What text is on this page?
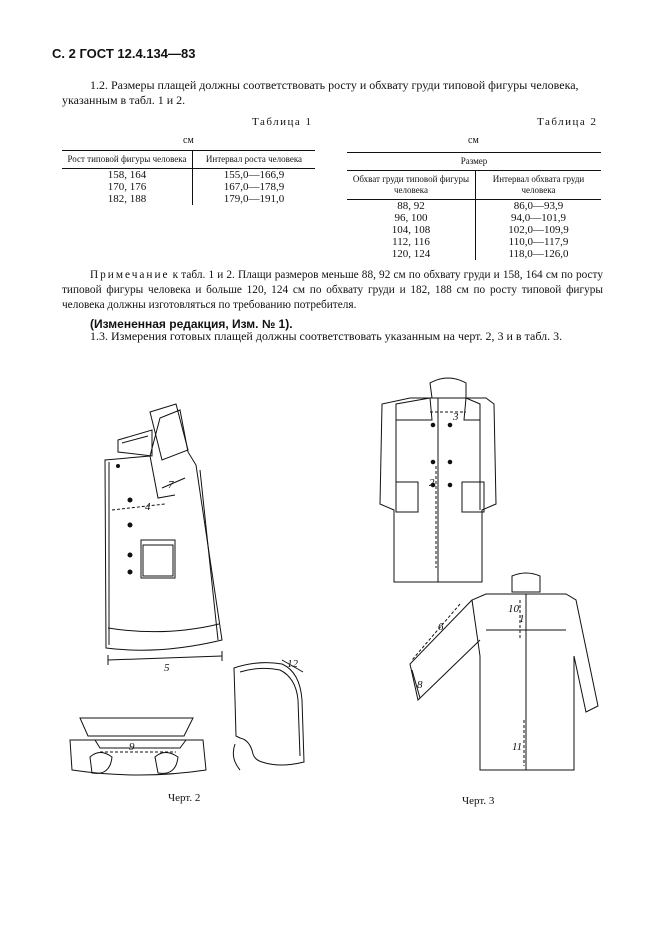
С. 2 ГОСТ 12.4.134—83
1.2. Размеры плащей должны соответствовать росту и обхвату груди типовой фигуры человека, указанным в табл. 1 и 2.
Таблица 1
см
Рост типовой фигуры человека	Интервал роста человека
158, 164	155,0—166,9
170, 176	167,0—178,9
182, 188	179,0—191,0
Таблица 2
см
Размер	
Обхват груди типовой фигуры человека	Интервал обхвата груди человека
88, 92	86,0—93,9
96, 100	94,0—101,9
104, 108	102,0—109,9
112, 116	110,0—117,9
120, 124	118,0—126,0
Примечание к табл. 1 и 2. Плащи размеров меньше 88, 92 см по обхвату груди и 158, 164 см по росту типовой фигуры человека и больше 120, 124 см по обхвату груди и 182, 188 см по росту типовой фигуры человека должны изготовляться по требованию потребителя.
(Измененная редакция, Изм. № 1).
1.3. Измерения готовых плащей должны соответствовать указанным на черт. 2, 3 и в табл. 3.
7
4
5	12
9
3
2
1
10
6
8
11
Черт. 2	Черт. 3
